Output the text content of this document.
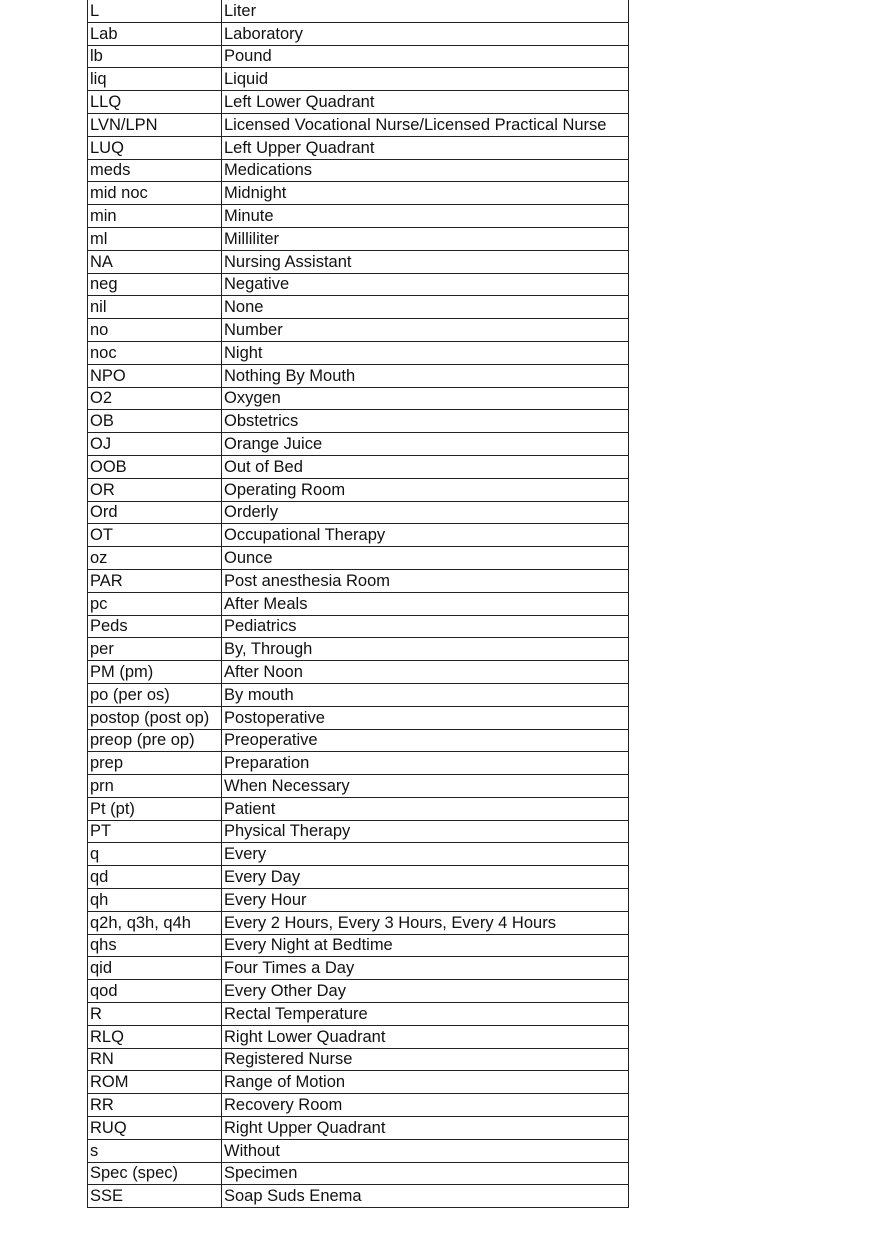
L	Liter
Lab	Laboratory
lb	Pound
liq	Liquid
LLQ	Left Lower Quadrant
LVN/LPN	Licensed Vocational Nurse/Licensed Practical Nurse
LUQ	Left Upper Quadrant
meds	Medications
mid noc	Midnight
min	Minute
ml	Milliliter
NA	Nursing Assistant
neg	Negative
nil	None
no	Number
noc	Night
NPO	Nothing By Mouth
O2	Oxygen
OB	Obstetrics
OJ	Orange Juice
OOB	Out of Bed
OR	Operating Room
Ord	Orderly
OT	Occupational Therapy
oz	Ounce
PAR	Post anesthesia Room
pc	After Meals
Peds	Pediatrics
per	By, Through
PM (pm)	After Noon
po (per os)	By mouth
postop (post op)	Postoperative
preop (pre op)	Preoperative
prep	Preparation
prn	When Necessary
Pt (pt)	Patient
PT	Physical Therapy
q	Every
qd	Every Day
qh	Every Hour
q2h, q3h, q4h	Every 2 Hours, Every 3 Hours, Every 4 Hours
qhs	Every Night at Bedtime
qid	Four Times a Day
qod	Every Other Day
R	Rectal Temperature
RLQ	Right Lower Quadrant
RN	Registered Nurse
ROM	Range of Motion
RR	Recovery Room
RUQ	Right Upper Quadrant
s	Without
Spec (spec)	Specimen
SSE	Soap Suds Enema
